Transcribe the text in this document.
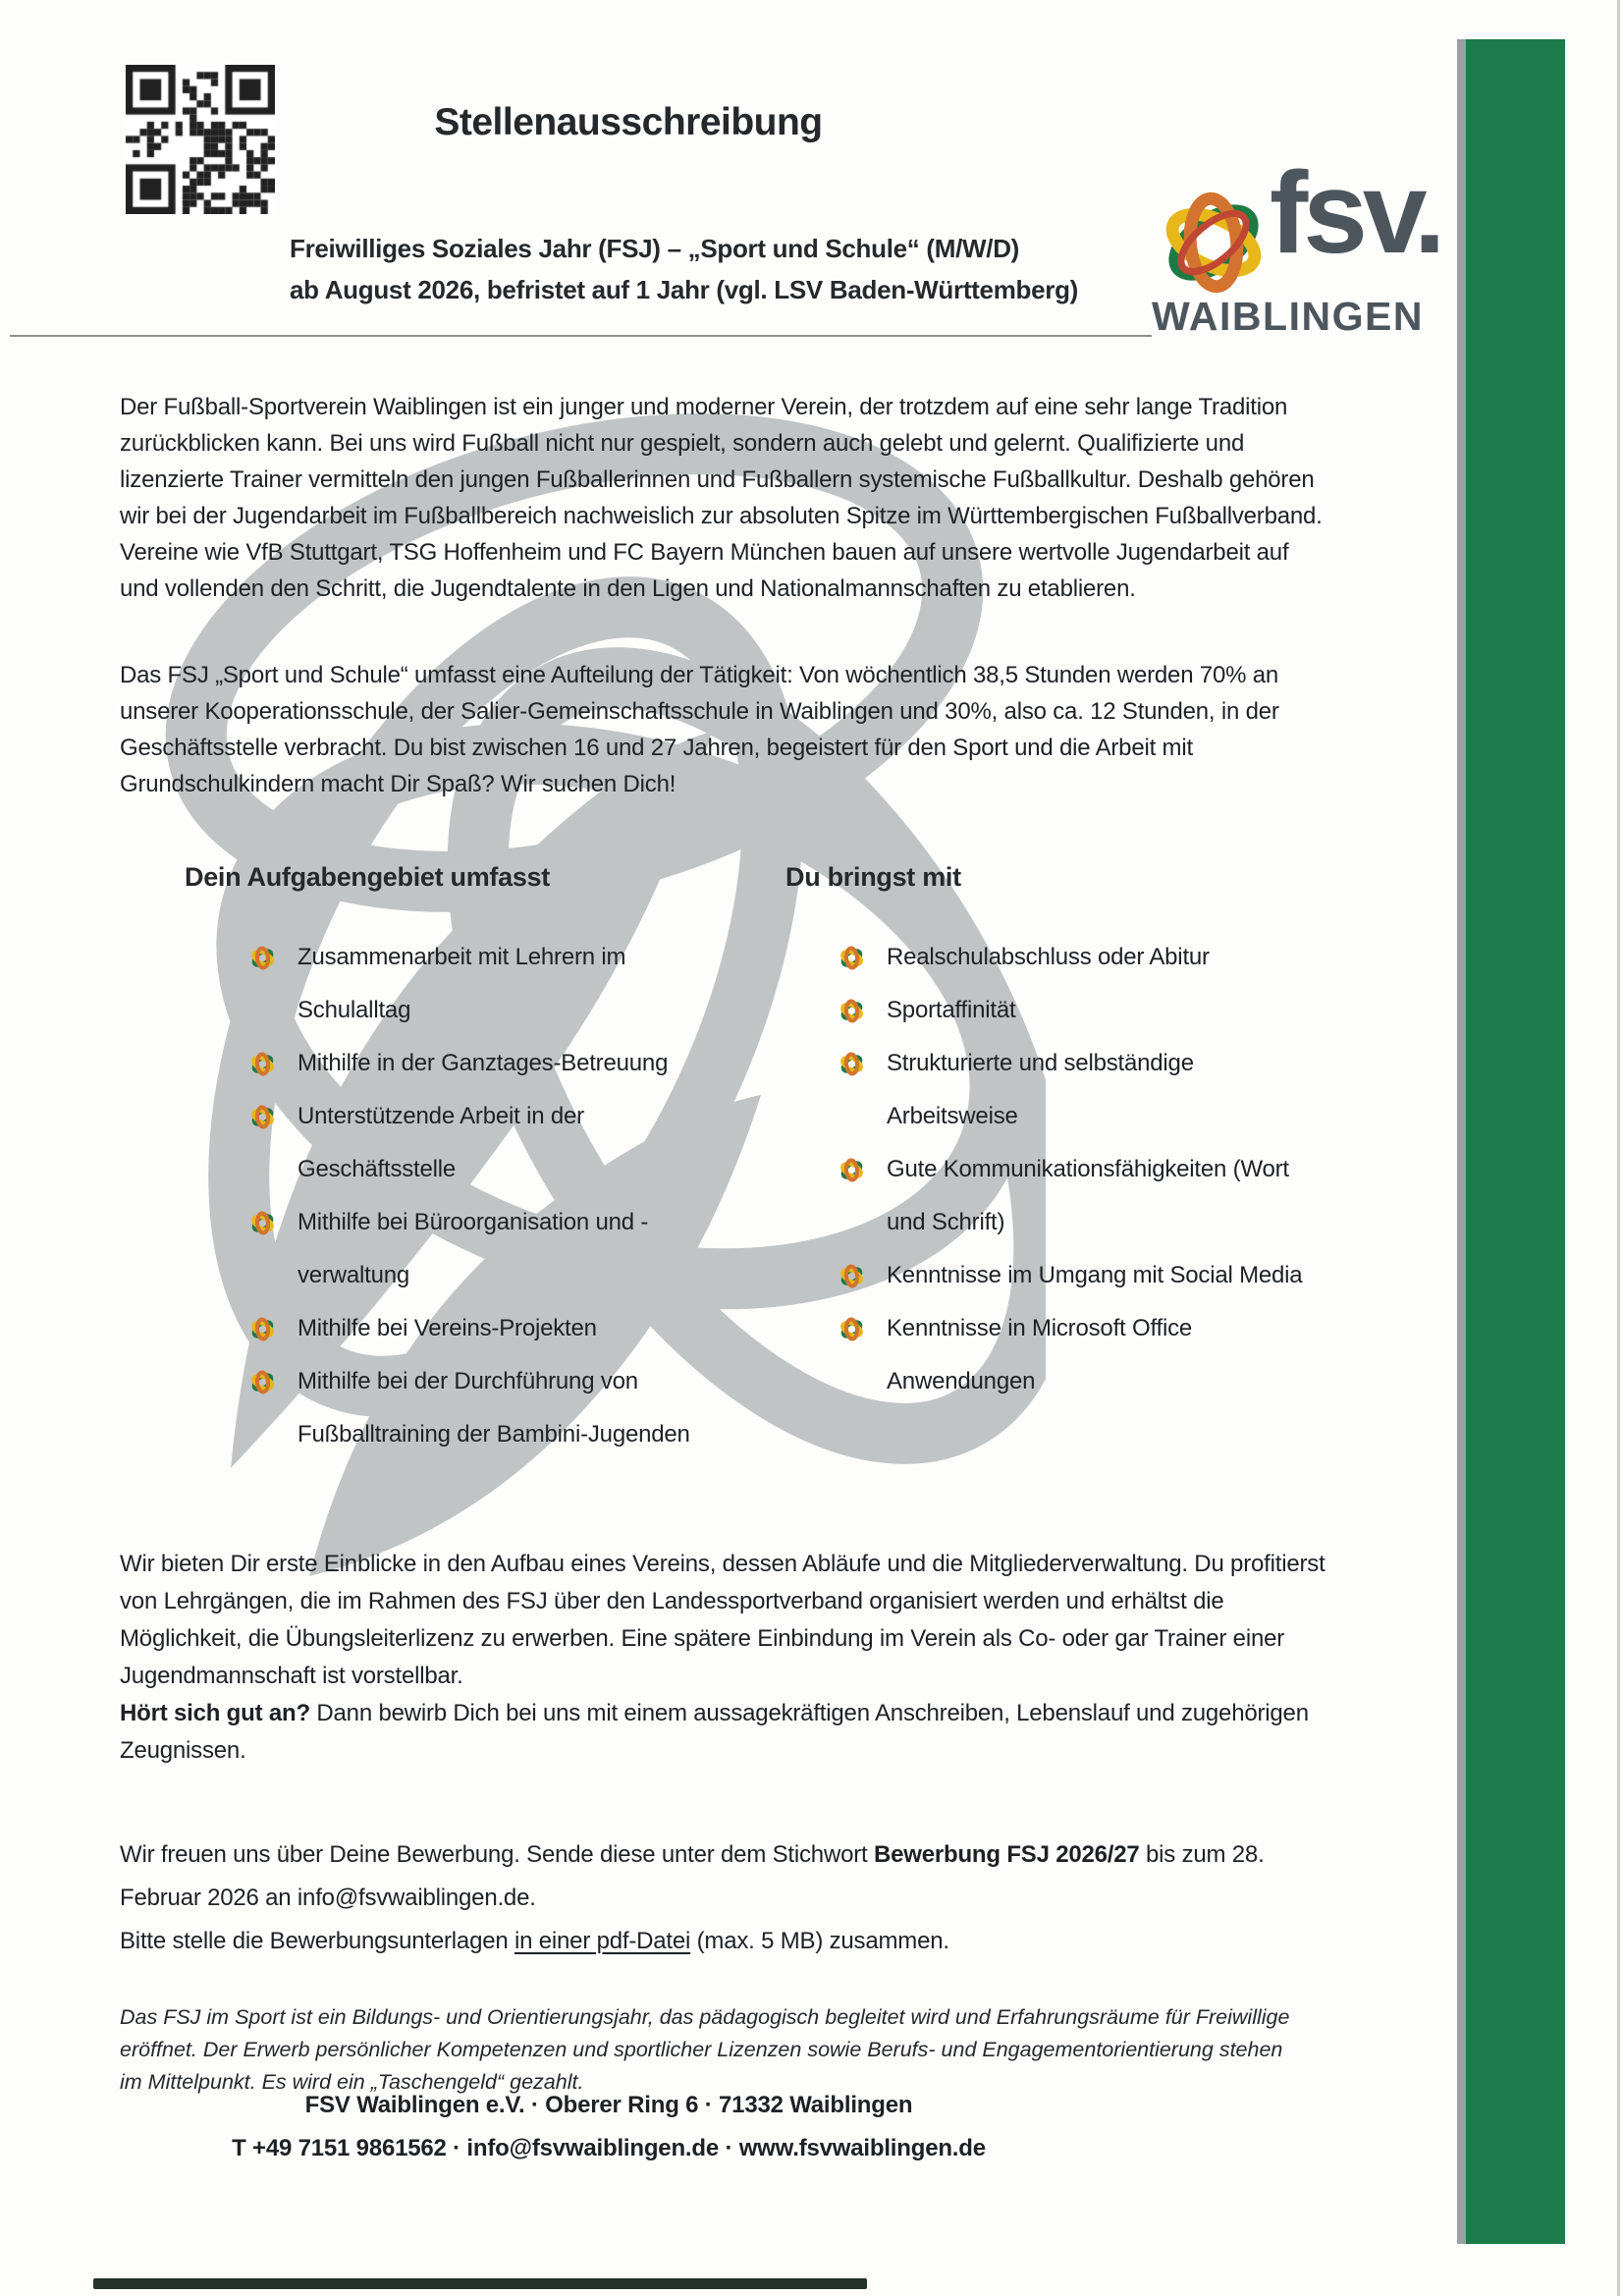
Stellenausschreibung
Freiwilliges Soziales Jahr (FSJ) – „Sport und Schule“ (M/W/D)
ab August 2026, befristet auf 1 Jahr (vgl. LSV Baden-Württemberg)
fsv.
WAIBLINGEN

Der Fußball-Sportverein Waiblingen ist ein junger und moderner Verein, der trotzdem auf eine sehr lange Tradition zurückblicken kann. Bei uns wird Fußball nicht nur gespielt, sondern auch gelebt und gelernt. Qualifizierte und lizenzierte Trainer vermitteln den jungen Fußballerinnen und Fußballern systemische Fußballkultur. Deshalb gehören wir bei der Jugendarbeit im Fußballbereich nachweislich zur absoluten Spitze im Württembergischen Fußballverband. Vereine wie VfB Stuttgart, TSG Hoffenheim und FC Bayern München bauen auf unsere wertvolle Jugendarbeit auf und vollenden den Schritt, die Jugendtalente in den Ligen und Nationalmannschaften zu etablieren.

Das FSJ „Sport und Schule“ umfasst eine Aufteilung der Tätigkeit: Von wöchentlich 38,5 Stunden werden 70% an unserer Kooperationsschule, der Salier-Gemeinschaftsschule in Waiblingen und 30%, also ca. 12 Stunden, in der Geschäftsstelle verbracht. Du bist zwischen 16 und 27 Jahren, begeistert für den Sport und die Arbeit mit Grundschulkindern macht Dir Spaß? Wir suchen Dich!

Dein Aufgabengebiet umfasst	Du bringst mit
Zusammenarbeit mit Lehrern im Schulalltag
Mithilfe in der Ganztages-Betreuung
Unterstützende Arbeit in der Geschäftsstelle
Mithilfe bei Büroorganisation und -verwaltung
Mithilfe bei Vereins-Projekten
Mithilfe bei der Durchführung von Fußballtraining der Bambini-Jugenden
Realschulabschluss oder Abitur
Sportaffinität
Strukturierte und selbständige Arbeitsweise
Gute Kommunikationsfähigkeiten (Wort und Schrift)
Kenntnisse im Umgang mit Social Media
Kenntnisse in Microsoft Office Anwendungen

Wir bieten Dir erste Einblicke in den Aufbau eines Vereins, dessen Abläufe und die Mitgliederverwaltung. Du profitierst von Lehrgängen, die im Rahmen des FSJ über den Landessportverband organisiert werden und erhältst die Möglichkeit, die Übungsleiterlizenz zu erwerben. Eine spätere Einbindung im Verein als Co- oder gar Trainer einer Jugendmannschaft ist vorstellbar.

Hört sich gut an? Dann bewirb Dich bei uns mit einem aussagekräftigen Anschreiben, Lebenslauf und zugehörigen Zeugnissen.

Wir freuen uns über Deine Bewerbung. Sende diese unter dem Stichwort Bewerbung FSJ 2026/27 bis zum 28. Februar 2026 an info@fsvwaiblingen.de.
Bitte stelle die Bewerbungsunterlagen in einer pdf-Datei (max. 5 MB) zusammen.

Das FSJ im Sport ist ein Bildungs- und Orientierungsjahr, das pädagogisch begleitet wird und Erfahrungsräume für Freiwillige eröffnet. Der Erwerb persönlicher Kompetenzen und sportlicher Lizenzen sowie Berufs- und Engagementorientierung stehen im Mittelpunkt. Es wird ein „Taschengeld“ gezahlt.

FSV Waiblingen e.V. · Oberer Ring 6 · 71332 Waiblingen
T +49 7151 9861562 · info@fsvwaiblingen.de · www.fsvwaiblingen.de
